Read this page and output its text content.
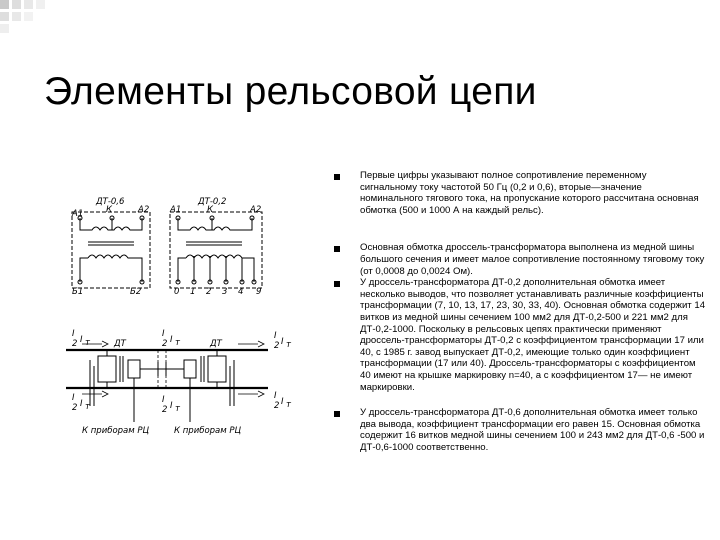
Элементы рельсовой цепи
ДТ-0,6
А1	К	А2
Б1	Б2
ДТ-0,2
А1	К	А2
0 1 2 3 4 9
I
2 I т
I
2 I т
I
2 I т
I
2 I т
I
2 I т
I
2 I т
ДТ	ДТ
К приборам РЦ	К приборам РЦ
Первые цифры указывают полное сопротивление переменному сигнальному току частотой 50 Гц (0,2 и 0,6), вторые—значение номинального тягового тока, на пропускание которого рассчитана основная обмотка (500 и 1000 А на каждый рельс).
Основная обмотка дроссель-трансформатора выполнена из медной шины большого сечения и имеет малое сопротивление постоянному тяговому току (от 0,0008 до 0,0024 Ом).
У дроссель-трансформатора ДТ-0,2 дополнительная обмотка имеет несколько выводов, что позволяет устанавливать различные коэффициенты трансформации (7, 10, 13, 17, 23, 30, 33, 40). Основная обмотка содержит 14 витков из медной шины сечением 100 мм2 для ДТ-0,2-500 и 221 мм2 для ДТ-0,2-1000. Поскольку в рельсовых цепях практически применяют дроссель-трансформаторы ДТ-0,2 с коэффициентом трансформации 17 или 40, с 1985 г. завод выпускает ДТ-0,2, имеющие только один коэффициент трансформации (17 или 40). Дроссель-трансформаторы с коэффициентом 40 имеют на крышке маркировку n=40, а с коэффициентом 17— не имеют маркировки.
У дроссель-трансформатора ДТ-0,6 дополнительная обмотка имеет только два вывода, коэффициент трансформации его равен 15. Основная обмотка содержит 16 витков медной шины сечением 100 и 243 мм2 для ДТ-0,6 -500 и ДТ-0,6-1000 соответственно.
